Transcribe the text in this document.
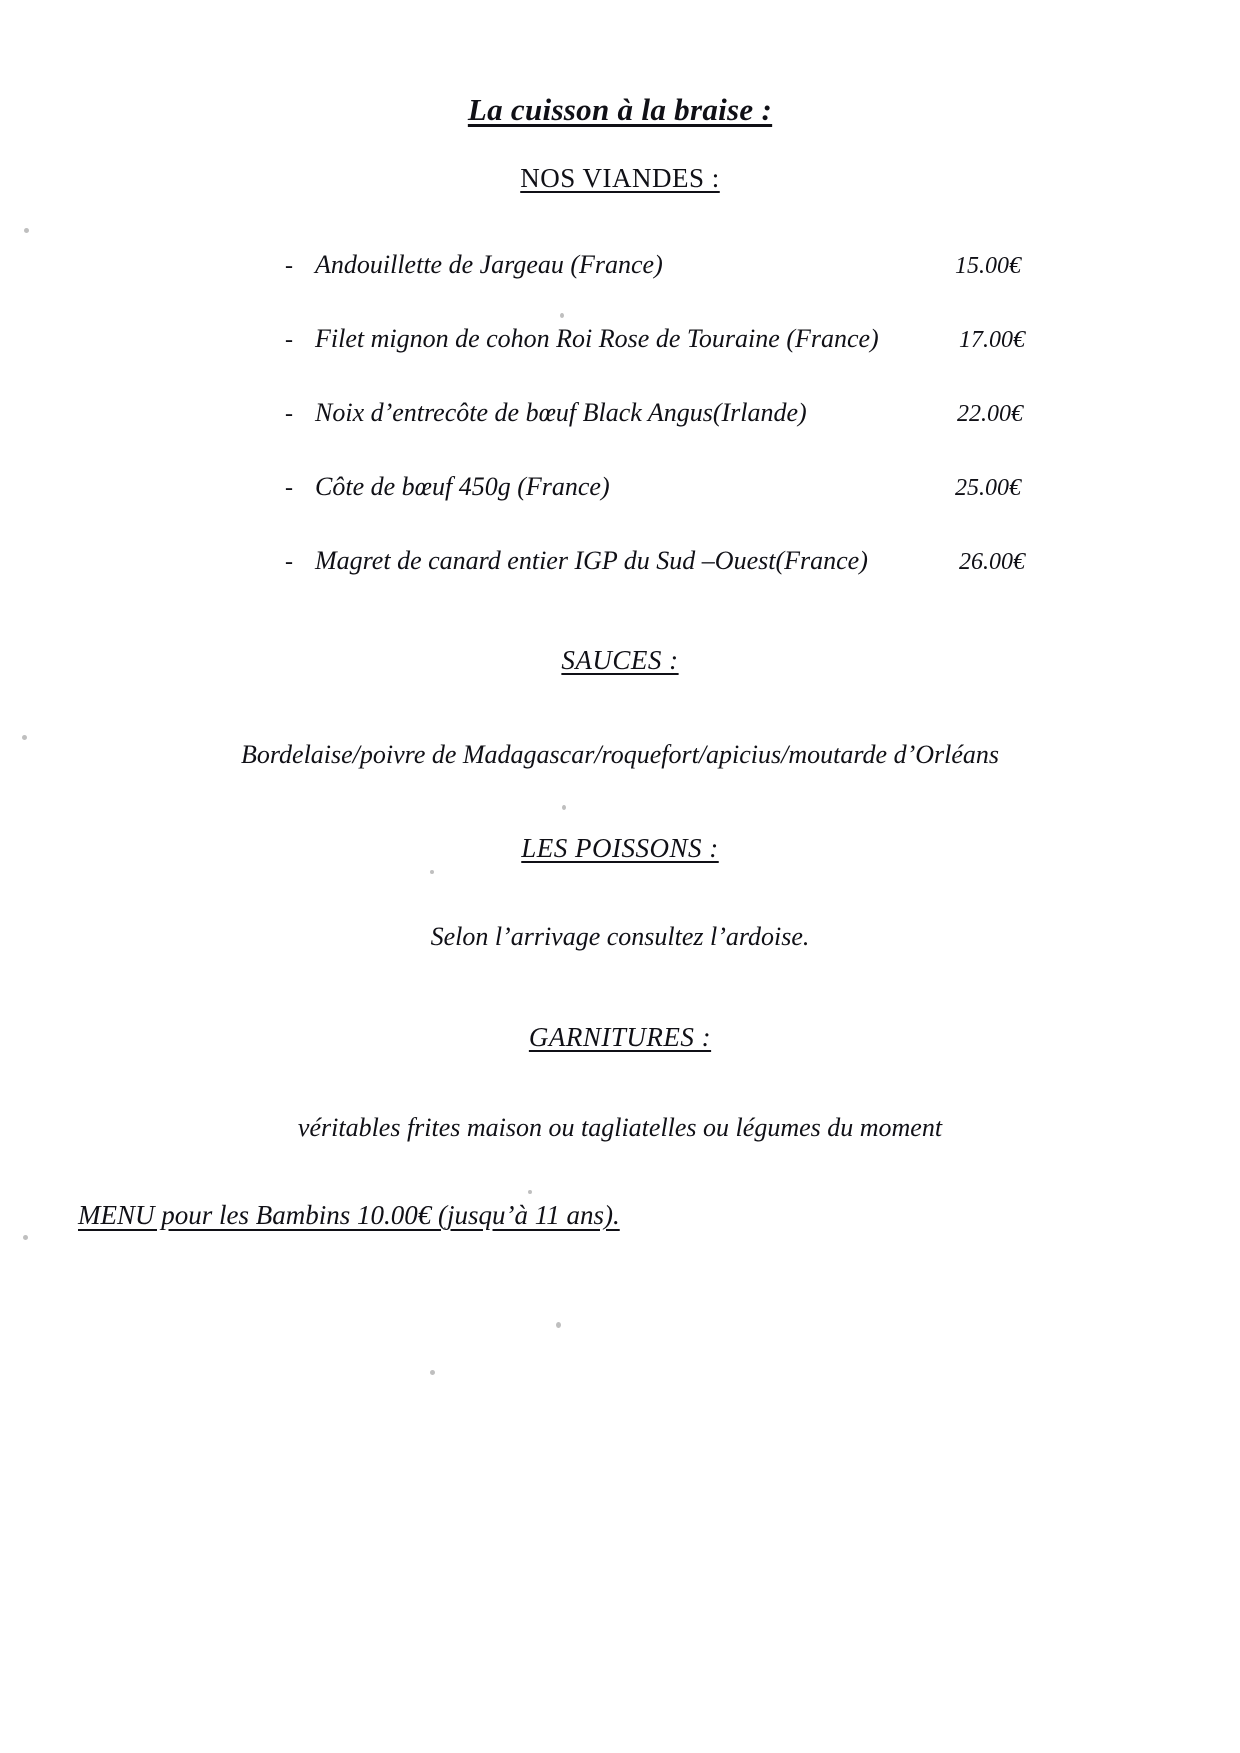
La cuisson à la braise :
NOS VIANDES :
- Andouillette de Jargeau (France)	15.00€
- Filet mignon de cohon Roi Rose de Touraine (France)	17.00€
- Noix d’entrecôte de bœuf Black Angus(Irlande)	22.00€
- Côte de bœuf 450g (France)	25.00€
- Magret de canard entier IGP du Sud –Ouest(France)	26.00€
SAUCES :
Bordelaise/poivre de Madagascar/roquefort/apicius/moutarde d’Orléans
LES POISSONS :
Selon l’arrivage consultez l’ardoise.
GARNITURES :
véritables frites maison ou tagliatelles ou légumes du moment
MENU pour les Bambins 10.00€ (jusqu’à 11 ans).
